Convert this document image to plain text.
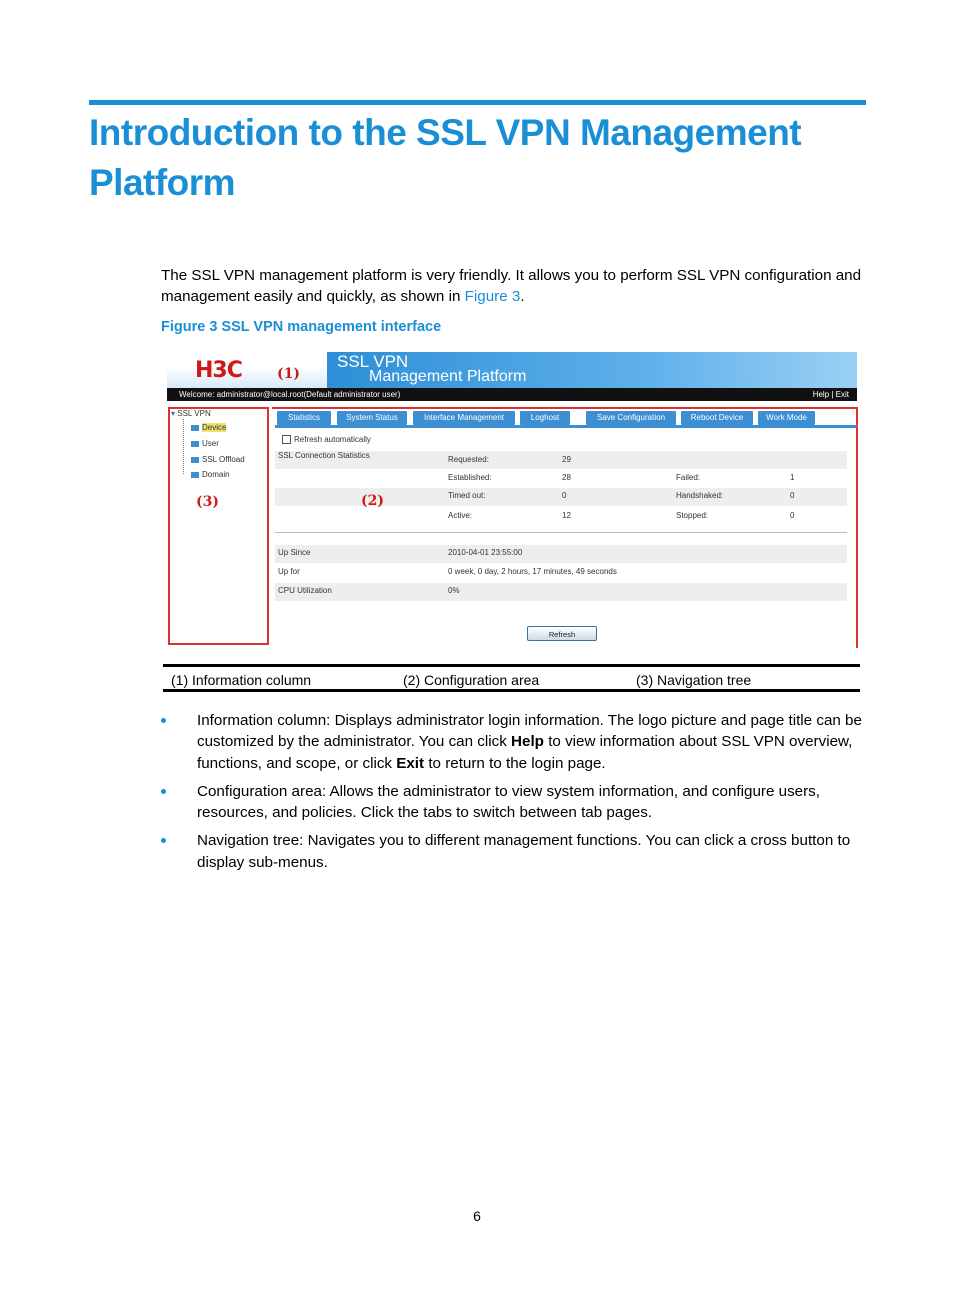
Introduction to the SSL VPN Management Platform

The SSL VPN management platform is very friendly. It allows you to perform SSL VPN configuration and management easily and quickly, as shown in Figure 3.

Figure 3 SSL VPN management interface

H3C	(1)
SSL VPN
Management Platform
Welcome: administrator@local.root(Default administrator user)	Help | Exit
▾ SSL VPN
Device
User
SSL Offload
Domain
(3)
Statistics	System Status	Interface Management	Loghost	Save Configuration	Reboot Device	Work Mode
Refresh automatically
SSL Connection Statistics	Requested:	29
Established:	28	Failed:	1
Timed out:	0	Handshaked:	0
Active:	12	Stopped:	0
(2)
Up Since	2010-04-01 23:55:00
Up for	0 week, 0 day, 2 hours, 17 minutes, 49 seconds
CPU Utilization	0%
Refresh
(1) Information column	(2) Configuration area	(3) Navigation tree
Information column: Displays administrator login information. The logo picture and page title can be customized by the administrator. You can click Help to view information about SSL VPN overview, functions, and scope, or click Exit to return to the login page.
Configuration area: Allows the administrator to view system information, and configure users, resources, and policies. Click the tabs to switch between tab pages.
Navigation tree: Navigates you to different management functions. You can click a cross button to display sub-menus.
6
